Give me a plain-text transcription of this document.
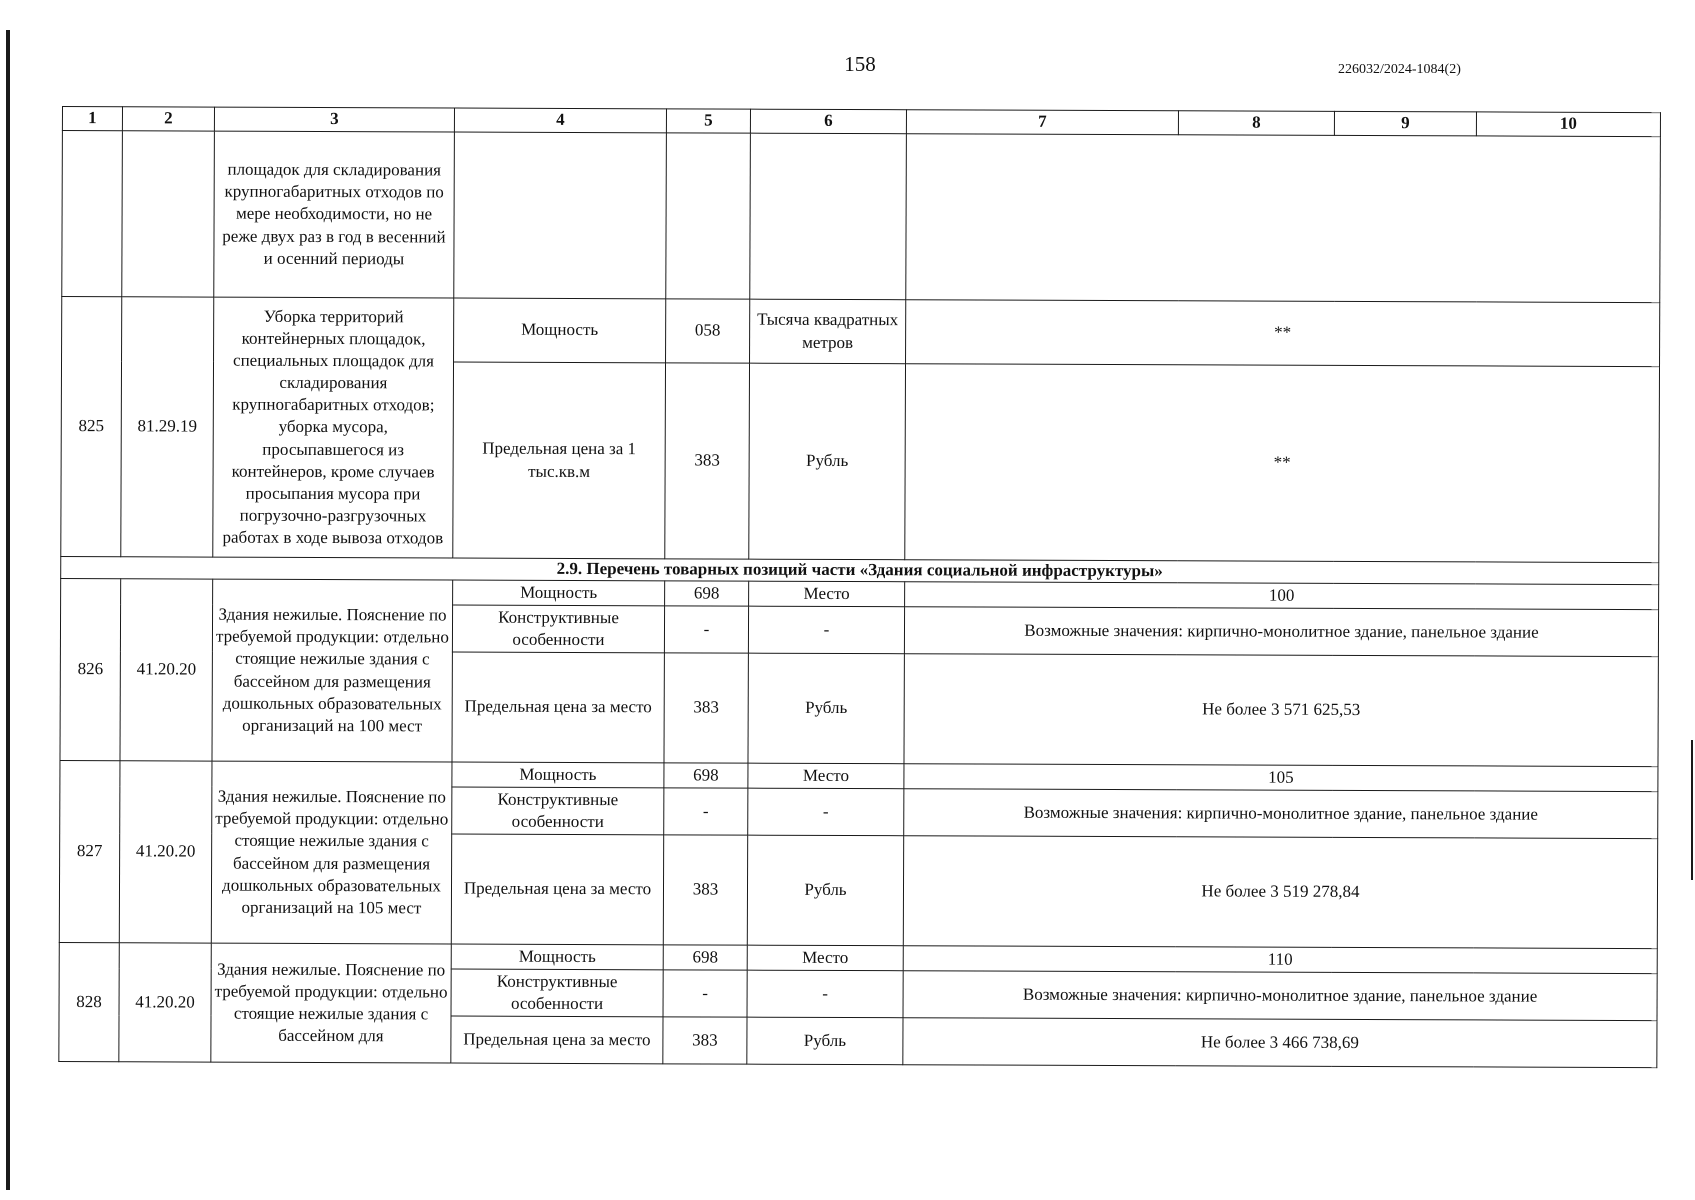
158	226032/2024-1084(2)
1	2	3	4	5	6	7	8	9	10
		площадок для складирования крупногабаритных отходов по мере необходимости, но не реже двух раз в год в весенний и осенний периоды							
825	81.29.19	Уборка территорий контейнерных площадок, специальных площадок для складирования крупногабаритных отходов; уборка мусора, просыпавшегося из контейнеров, кроме случаев просыпания мусора при погрузочно-разгрузочных работах в ходе вывоза отходов	Мощность	058	Тысяча квадратных метров	**			
			Предельная цена за 1 тыс.кв.м	383	Рубль	**			
2.9. Перечень товарных позиций части «Здания социальной инфраструктуры»									
826	41.20.20	Здания нежилые. Пояснение по требуемой продукции: отдельно стоящие нежилые здания с бассейном для размещения дошкольных образовательных организаций на 100 мест	Мощность	698	Место	100			
			Конструктивные особенности	-	-	Возможные значения: кирпично-монолитное здание, панельное здание			
			Предельная цена за место	383	Рубль	Не более 3 571 625,53			
827	41.20.20	Здания нежилые. Пояснение по требуемой продукции: отдельно стоящие нежилые здания с бассейном для размещения дошкольных образовательных организаций на 105 мест	Мощность	698	Место	105			
			Конструктивные особенности	-	-	Возможные значения: кирпично-монолитное здание, панельное здание			
			Предельная цена за место	383	Рубль	Не более 3 519 278,84			
828	41.20.20	Здания нежилые. Пояснение по требуемой продукции: отдельно стоящие нежилые здания с бассейном для	Мощность	698	Место	110			
			Конструктивные особенности	-	-	Возможные значения: кирпично-монолитное здание, панельное здание			
			Предельная цена за место	383	Рубль	Не более 3 466 738,69			
